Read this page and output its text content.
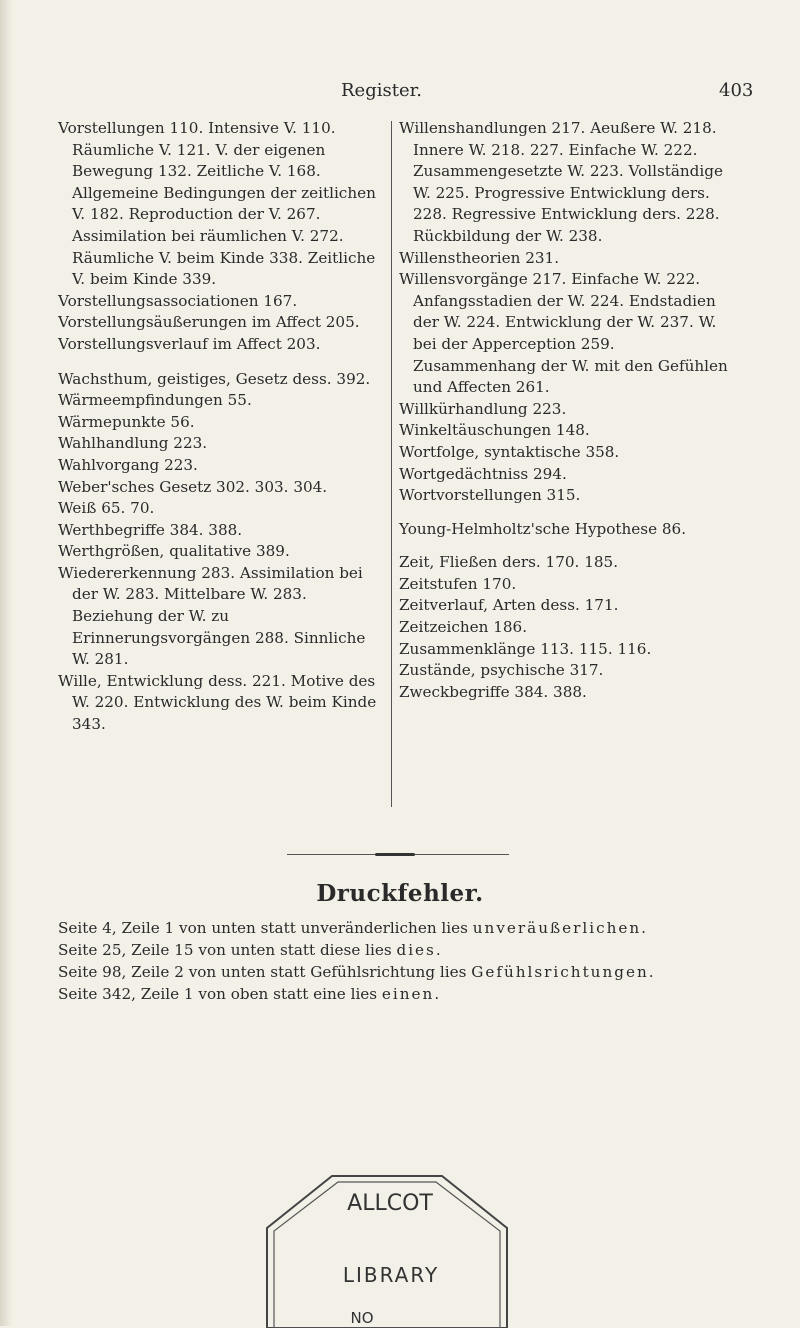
Register.	403
Vorstellungen 110. Intensive V. 110. Räumliche V. 121. V. der eigenen Bewegung 132. Zeitliche V. 168. Allgemeine Bedingungen der zeitlichen V. 182. Reproduction der V. 267. Assimilation bei räumlichen V. 272. Räumliche V. beim Kinde 338. Zeitliche V. beim Kinde 339.
Vorstellungsassociationen 167.
Vorstellungsäußerungen im Affect 205.
Vorstellungsverlauf im Affect 203.
Wachsthum, geistiges, Gesetz dess. 392.
Wärmeempfindungen 55.
Wärmepunkte 56.
Wahlhandlung 223.
Wahlvorgang 223.
Weber'sches Gesetz 302. 303. 304.
Weiß 65. 70.
Werthbegriffe 384. 388.
Werthgrößen, qualitative 389.
Wiedererkennung 283. Assimilation bei der W. 283. Mittelbare W. 283. Beziehung der W. zu Erinnerungsvorgängen 288. Sinnliche W. 281.
Wille, Entwicklung dess. 221. Motive des W. 220. Entwicklung des W. beim Kinde 343.
Willenshandlungen 217. Aeußere W. 218. Innere W. 218. 227. Einfache W. 222. Zusammengesetzte W. 223. Vollständige W. 225. Progressive Entwicklung ders. 228. Regressive Entwicklung ders. 228. Rückbildung der W. 238.
Willenstheorien 231.
Willensvorgänge 217. Einfache W. 222. Anfangsstadien der W. 224. Endstadien der W. 224. Entwicklung der W. 237. W. bei der Apperception 259. Zusammenhang der W. mit den Gefühlen und Affecten 261.
Willkürhandlung 223.
Winkeltäuschungen 148.
Wortfolge, syntaktische 358.
Wortgedächtniss 294.
Wortvorstellungen 315.
Young-Helmholtz'sche Hypothese 86.
Zeit, Fließen ders. 170. 185.
Zeitstufen 170.
Zeitverlauf, Arten dess. 171.
Zeitzeichen 186.
Zusammenklänge 113. 115. 116.
Zustände, psychische 317.
Zweckbegriffe 384. 388.
Druckfehler.
Seite 4, Zeile 1 von unten statt unveränderlichen lies unveräußerlichen.
Seite 25, Zeile 15 von unten statt diese lies dies.
Seite 98, Zeile 2 von unten statt Gefühlsrichtung lies Gefühlsrichtungen.
Seite 342, Zeile 1 von oben statt eine lies einen.
ALLCOT
NO
LIBRARY
